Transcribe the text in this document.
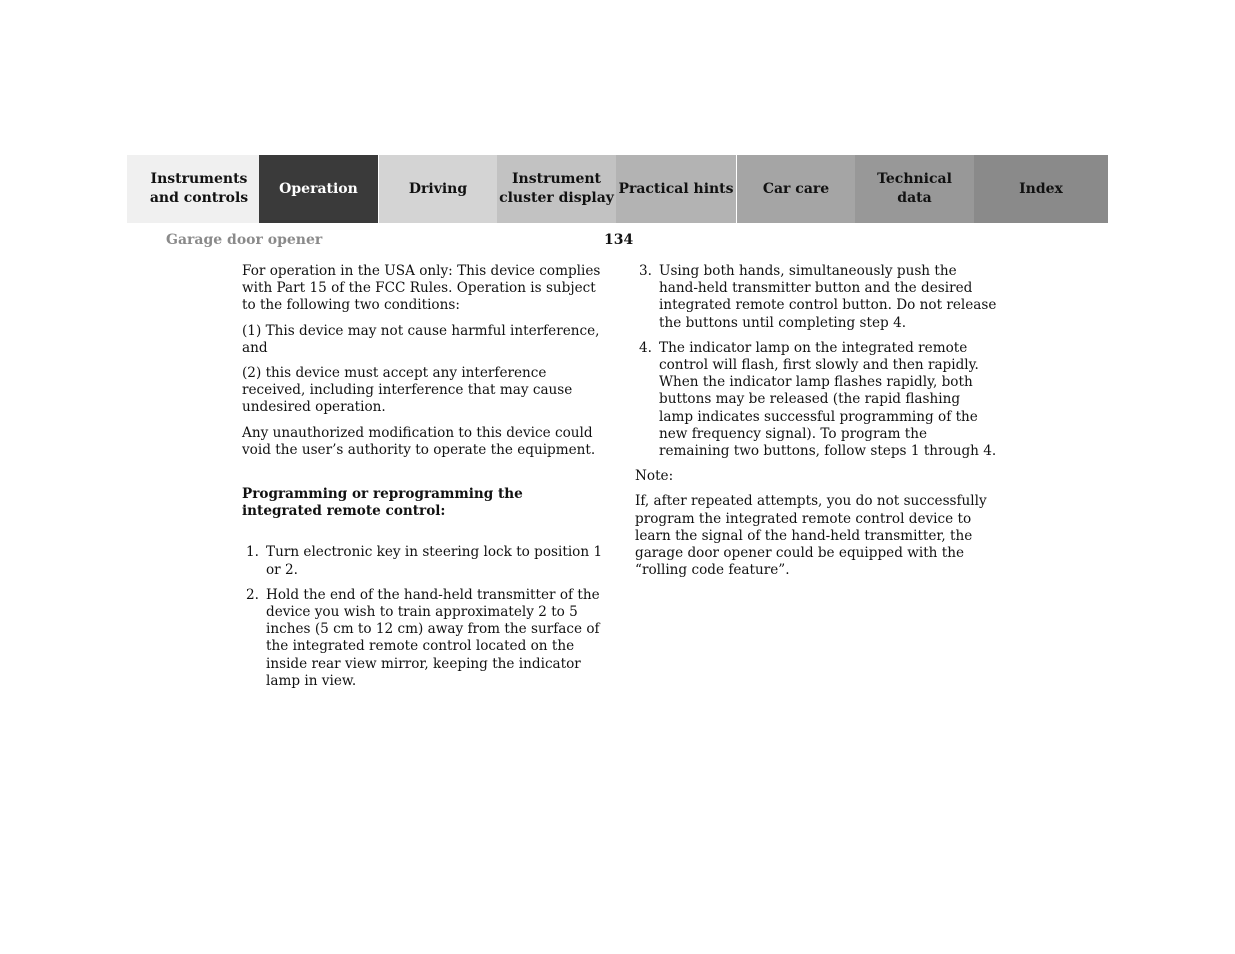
Instruments
and controls
Operation	Driving
Instrument
cluster display
Practical hints	Car care
Technical
data
Index
Garage door opener	134

For operation in the USA only: This device complies with Part 15 of the FCC Rules. Operation is subject to the following two conditions:

(1) This device may not cause harmful interference, and

(2) this device must accept any interference received, including interference that may cause undesired operation.

Any unauthorized modification to this device could void the user’s authority to operate the equipment.

Programming or reprogramming the integrated remote control:
1. Turn electronic key in steering lock to position 1 or 2.
2. Hold the end of the hand-held transmitter of the device you wish to train approximately 2 to 5 inches (5 cm to 12 cm) away from the surface of the integrated remote control located on the inside rear view mirror, keeping the indicator lamp in view.
3. Using both hands, simultaneously push the hand-held transmitter button and the desired integrated remote control button. Do not release the buttons until completing step 4.
4. The indicator lamp on the integrated remote control will flash, first slowly and then rapidly. When the indicator lamp flashes rapidly, both buttons may be released (the rapid flashing lamp indicates successful programming of the new frequency signal). To program the remaining two buttons, follow steps 1 through 4.

Note:

If, after repeated attempts, you do not successfully program the integrated remote control device to learn the signal of the hand-held transmitter, the garage door opener could be equipped with the “rolling code feature”.
